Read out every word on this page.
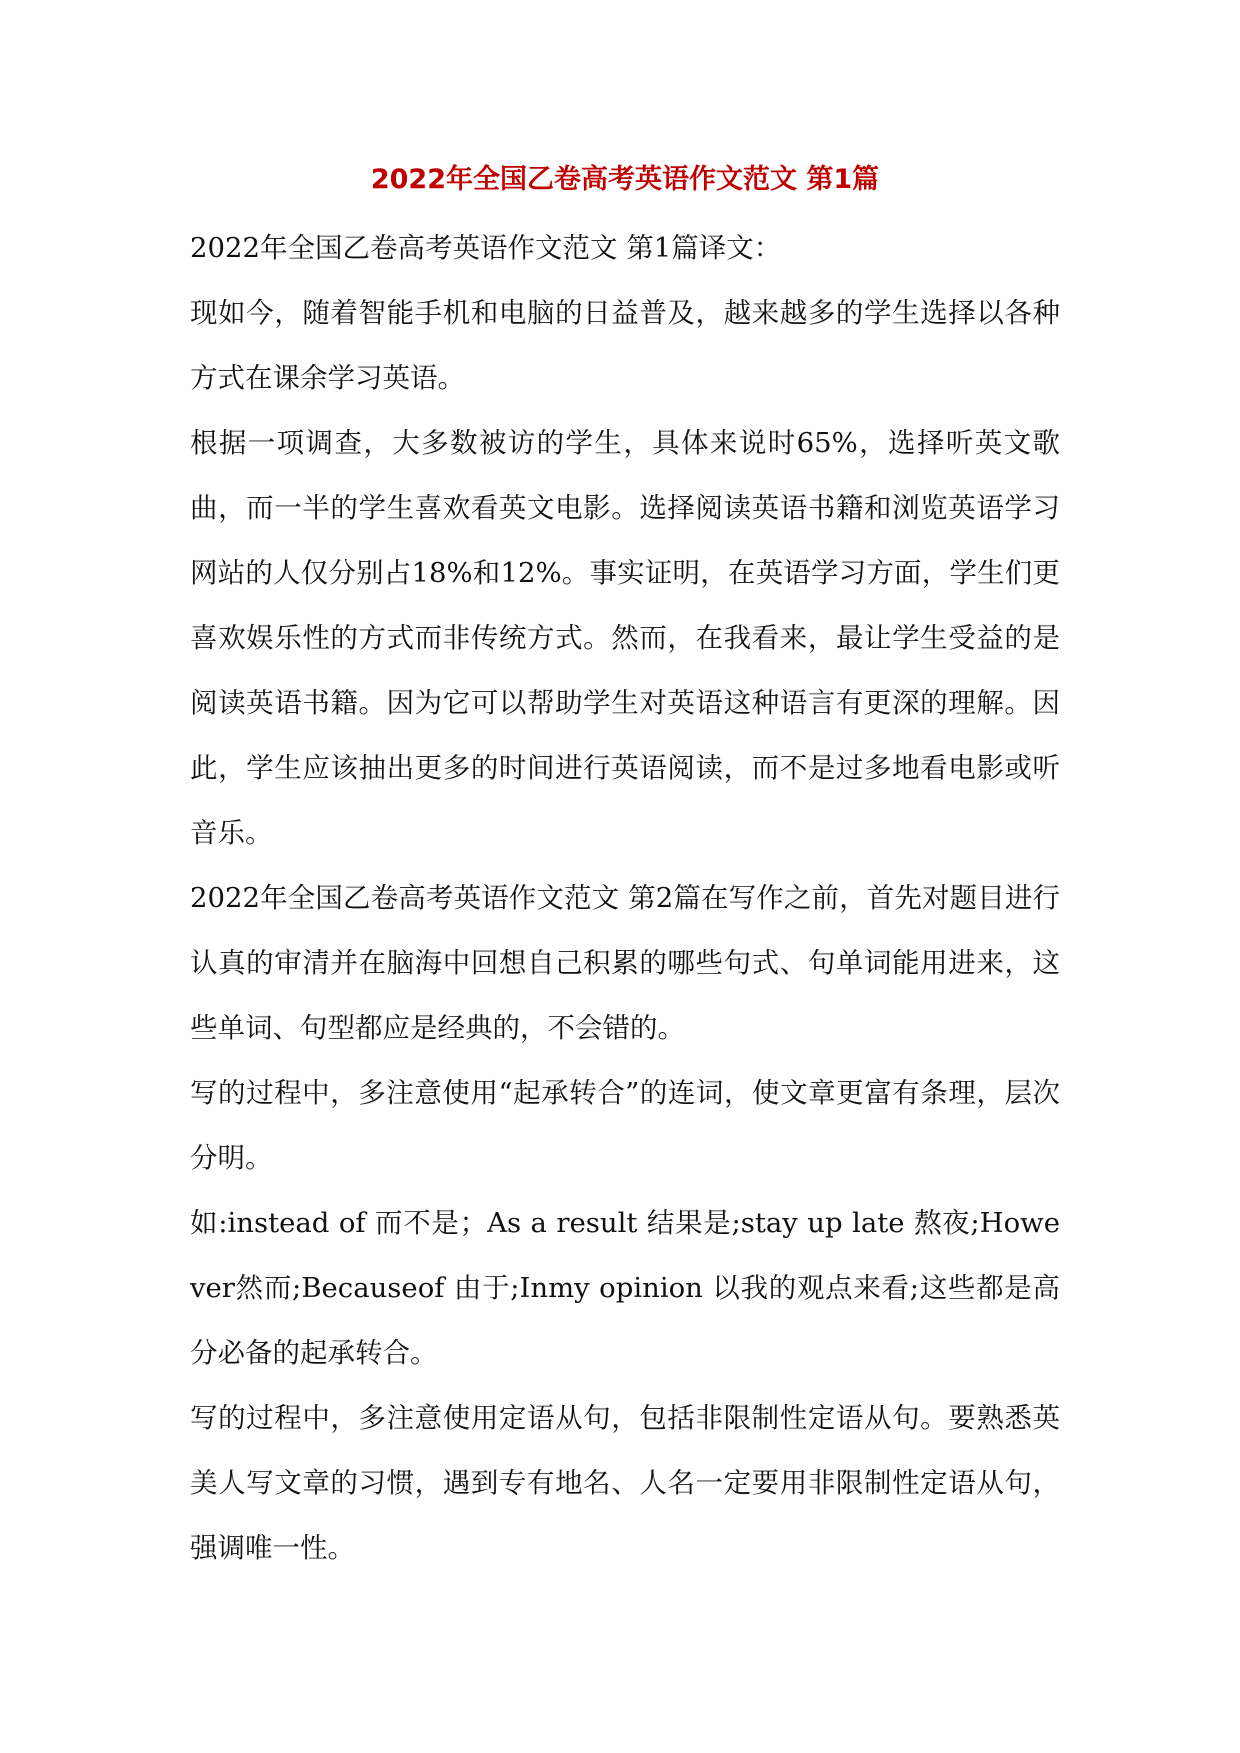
2022年全国乙卷高考英语作文范文 第1篇

2022年全国乙卷高考英语作文范文 第1篇译文：

现如今，随着智能手机和电脑的日益普及，越来越多的学生选择以各种方式在课余学习英语。

根据一项调查，大多数被访的学生，具体来说时65%，选择听英文歌曲，而一半的学生喜欢看英文电影。选择阅读英语书籍和浏览英语学习网站的人仅分别占18%和12%。事实证明，在英语学习方面，学生们更喜欢娱乐性的方式而非传统方式。然而，在我看来，最让学生受益的是阅读英语书籍。因为它可以帮助学生对英语这种语言有更深的理解。因此，学生应该抽出更多的时间进行英语阅读，而不是过多地看电影或听音乐。

2022年全国乙卷高考英语作文范文 第2篇在写作之前，首先对题目进行认真的审清并在脑海中回想自己积累的哪些句式、句单词能用进来，这些单词、句型都应是经典的，不会错的。

写的过程中，多注意使用“起承转合”的连词，使文章更富有条理，层次分明。

如:instead of 而不是；As a result 结果是;stay up late 熬夜;However然而;Becauseof 由于;Inmy opinion 以我的观点来看;这些都是高分必备的起承转合。

写的过程中，多注意使用定语从句，包括非限制性定语从句。要熟悉英美人写文章的习惯，遇到专有地名、人名一定要用非限制性定语从句，强调唯一性。
